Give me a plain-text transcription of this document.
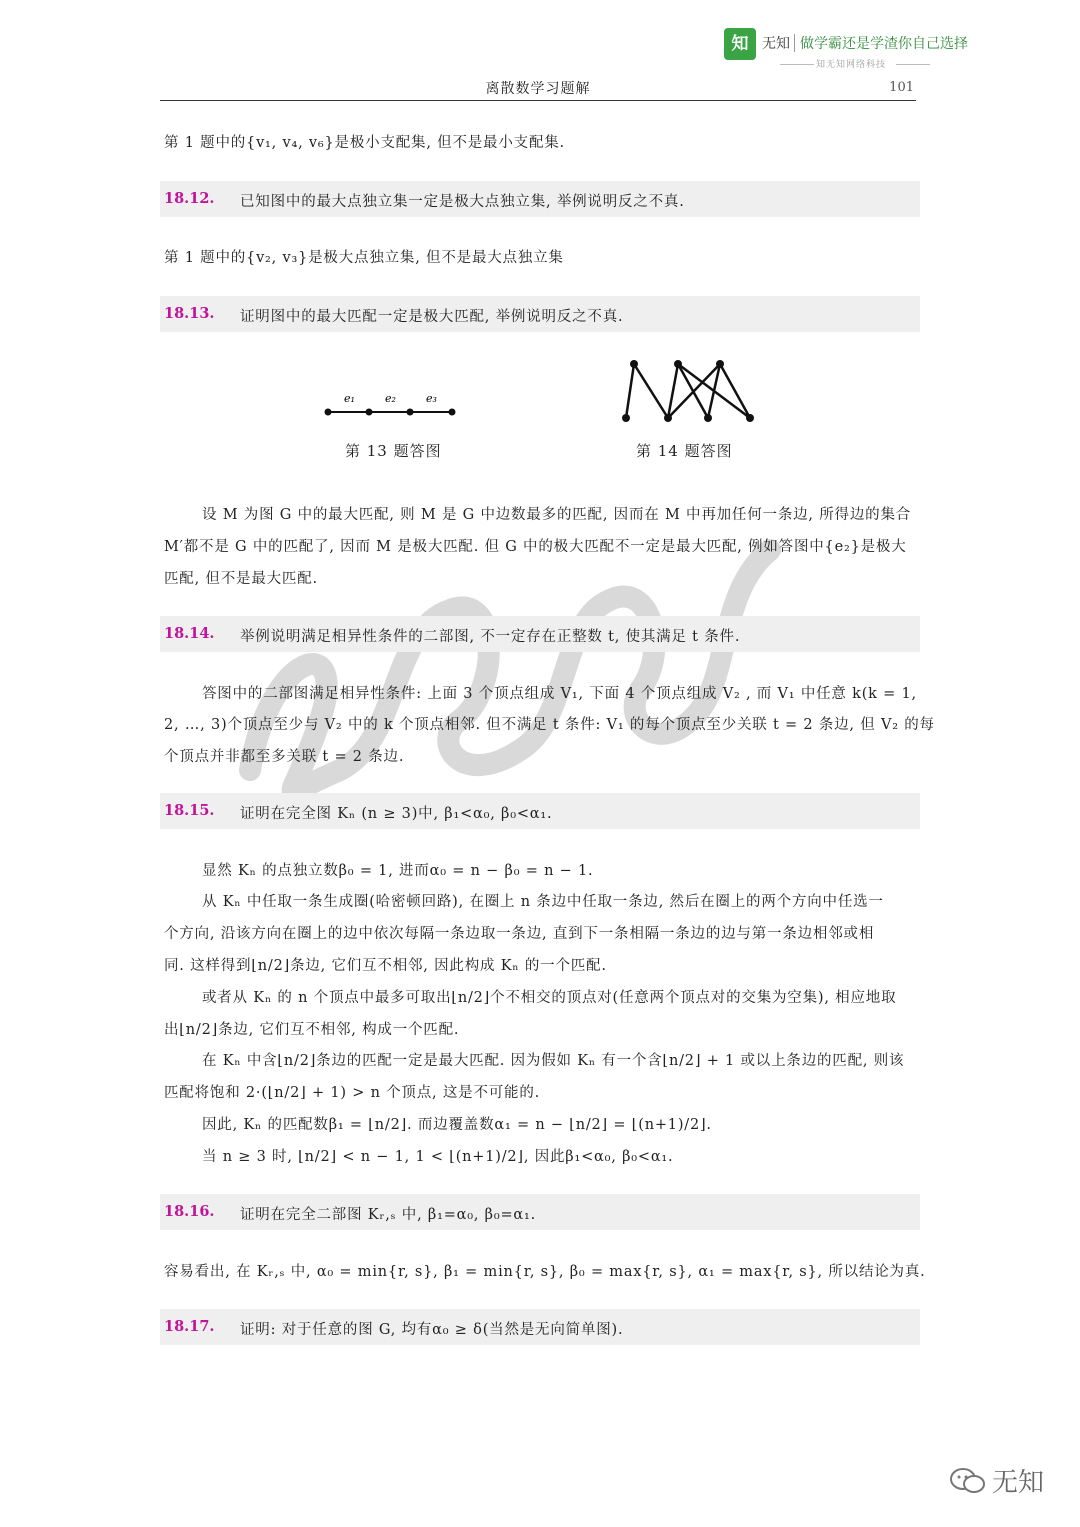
知 无知 做学霸还是学渣你自己选择
知无知网络科技
离散数学习题解	101
第 1 题中的{v₁, v₄, v₆}是极小支配集, 但不是最小支配集.
18.12. 已知图中的最大点独立集一定是极大点独立集, 举例说明反之不真.
第 1 题中的{v₂, v₃}是极大点独立集, 但不是最大点独立集
18.13. 证明图中的最大匹配一定是极大匹配, 举例说明反之不真.
e₁	e₂	e₃
第 13 题答图	第 14 题答图
设 M 为图 G 中的最大匹配, 则 M 是 G 中边数最多的匹配, 因而在 M 中再加任何一条边, 所得边的集合
M′都不是 G 中的匹配了, 因而 M 是极大匹配. 但 G 中的极大匹配不一定是最大匹配, 例如答图中{e₂}是极大
匹配, 但不是最大匹配.
18.14. 举例说明满足相异性条件的二部图, 不一定存在正整数 t, 使其满足 t 条件.
答图中的二部图满足相异性条件: 上面 3 个顶点组成 V₁, 下面 4 个顶点组成 V₂ , 而 V₁ 中任意 k(k = 1,
2, …, 3)个顶点至少与 V₂ 中的 k 个顶点相邻. 但不满足 t 条件: V₁ 的每个顶点至少关联 t = 2 条边, 但 V₂ 的每
个顶点并非都至多关联 t = 2 条边.
18.15. 证明在完全图 Kₙ (n ≥ 3)中, β₁<α₀, β₀<α₁.
显然 Kₙ 的点独立数β₀ = 1, 进而α₀ = n − β₀ = n − 1.
从 Kₙ 中任取一条生成圈(哈密顿回路), 在圈上 n 条边中任取一条边, 然后在圈上的两个方向中任选一
个方向, 沿该方向在圈上的边中依次每隔一条边取一条边, 直到下一条相隔一条边的边与第一条边相邻或相
同. 这样得到⌊n/2⌋条边, 它们互不相邻, 因此构成 Kₙ 的一个匹配.
或者从 Kₙ 的 n 个顶点中最多可取出⌊n/2⌋个不相交的顶点对(任意两个顶点对的交集为空集), 相应地取
出⌊n/2⌋条边, 它们互不相邻, 构成一个匹配.
在 Kₙ 中含⌊n/2⌋条边的匹配一定是最大匹配. 因为假如 Kₙ 有一个含⌊n/2⌋ + 1 或以上条边的匹配, 则该
匹配将饱和 2·(⌊n/2⌋ + 1) > n 个顶点, 这是不可能的.
因此, Kₙ 的匹配数β₁ = ⌊n/2⌋. 而边覆盖数α₁ = n − ⌊n/2⌋ = ⌊(n+1)/2⌋.
当 n ≥ 3 时, ⌊n/2⌋ < n − 1, 1 < ⌊(n+1)/2⌋, 因此β₁<α₀, β₀<α₁.
18.16. 证明在完全二部图 Kᵣ,ₛ 中, β₁=α₀, β₀=α₁.
容易看出, 在 Kᵣ,ₛ 中, α₀ = min{r, s}, β₁ = min{r, s}, β₀ = max{r, s}, α₁ = max{r, s}, 所以结论为真.
18.17. 证明: 对于任意的图 G, 均有α₀ ≥ δ(当然是无向简单图).
无知
